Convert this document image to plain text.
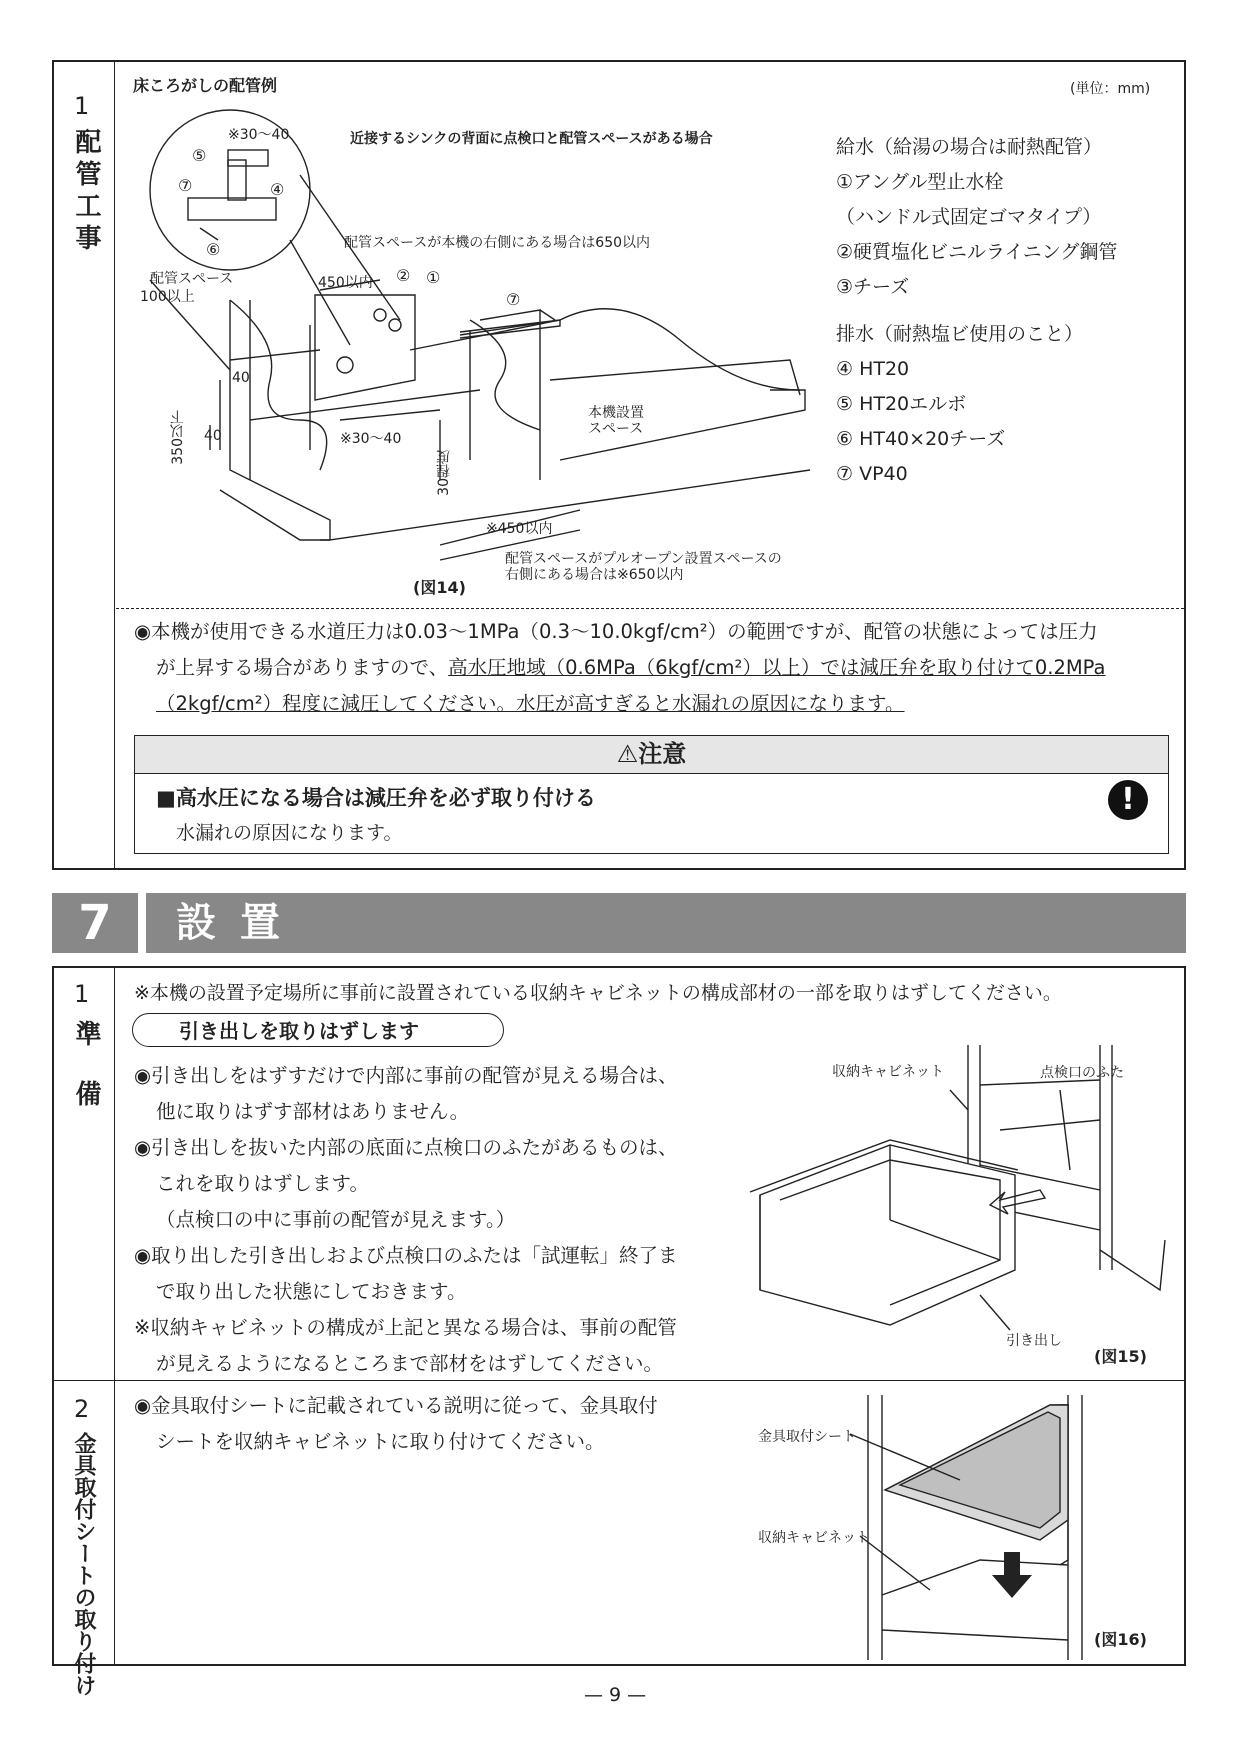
1
配管工事
床ころがしの配管例	(単位：mm)
近接するシンクの背面に点検口と配管スペースがある場合
※30〜40
⑤
⑦	④
⑥	配管スペースが本機の右側にある場合は650以内
450以内 ② ①
⑦
配管スペース
100以上
40
40
350以下	※30〜40
30程度
本機設置
スペース
※450以内
配管スペースがプルオープン設置スペースの
右側にある場合は※650以内
(図14)
給水（給湯の場合は耐熱配管）
①アングル型止水栓
（ハンドル式固定ゴマタイプ）
②硬質塩化ビニルライニング鋼管
③チーズ
排水（耐熱塩ビ使用のこと）
④ HT20
⑤ HT20エルボ
⑥ HT40×20チーズ
⑦ VP40
◉本機が使用できる水道圧力は0.03〜1MPa（0.3〜10.0kgf/cm²）の範囲ですが、配管の状態によっては圧力
が上昇する場合がありますので、高水圧地域（0.6MPa（6kgf/cm²）以上）では減圧弁を取り付けて0.2MPa
（2kgf/cm²）程度に減圧してください。水圧が高すぎると水漏れの原因になります。
⚠注意
■高水圧になる場合は減圧弁を必ず取り付ける
水漏れの原因になります。
!
7	設置
1
準備
※本機の設置予定場所に事前に設置されている収納キャビネットの構成部材の一部を取りはずしてください。
引き出しを取りはずします
◉引き出しをはずすだけで内部に事前の配管が見える場合は、
他に取りはずす部材はありません。
◉引き出しを抜いた内部の底面に点検口のふたがあるものは、
これを取りはずします。
（点検口の中に事前の配管が見えます。）
◉取り出した引き出しおよび点検口のふたは「試運転」終了ま
で取り出した状態にしておきます。
※収納キャビネットの構成が上記と異なる場合は、事前の配管
が見えるようになるところまで部材をはずしてください。
収納キャビネット	点検口のふた
引き出し
(図15)
2
金具取付シートの取り付け
◉金具取付シートに記載されている説明に従って、金具取付
シートを収納キャビネットに取り付けてください。	金具取付シート
収納キャビネット
(図16)
— 9 —
